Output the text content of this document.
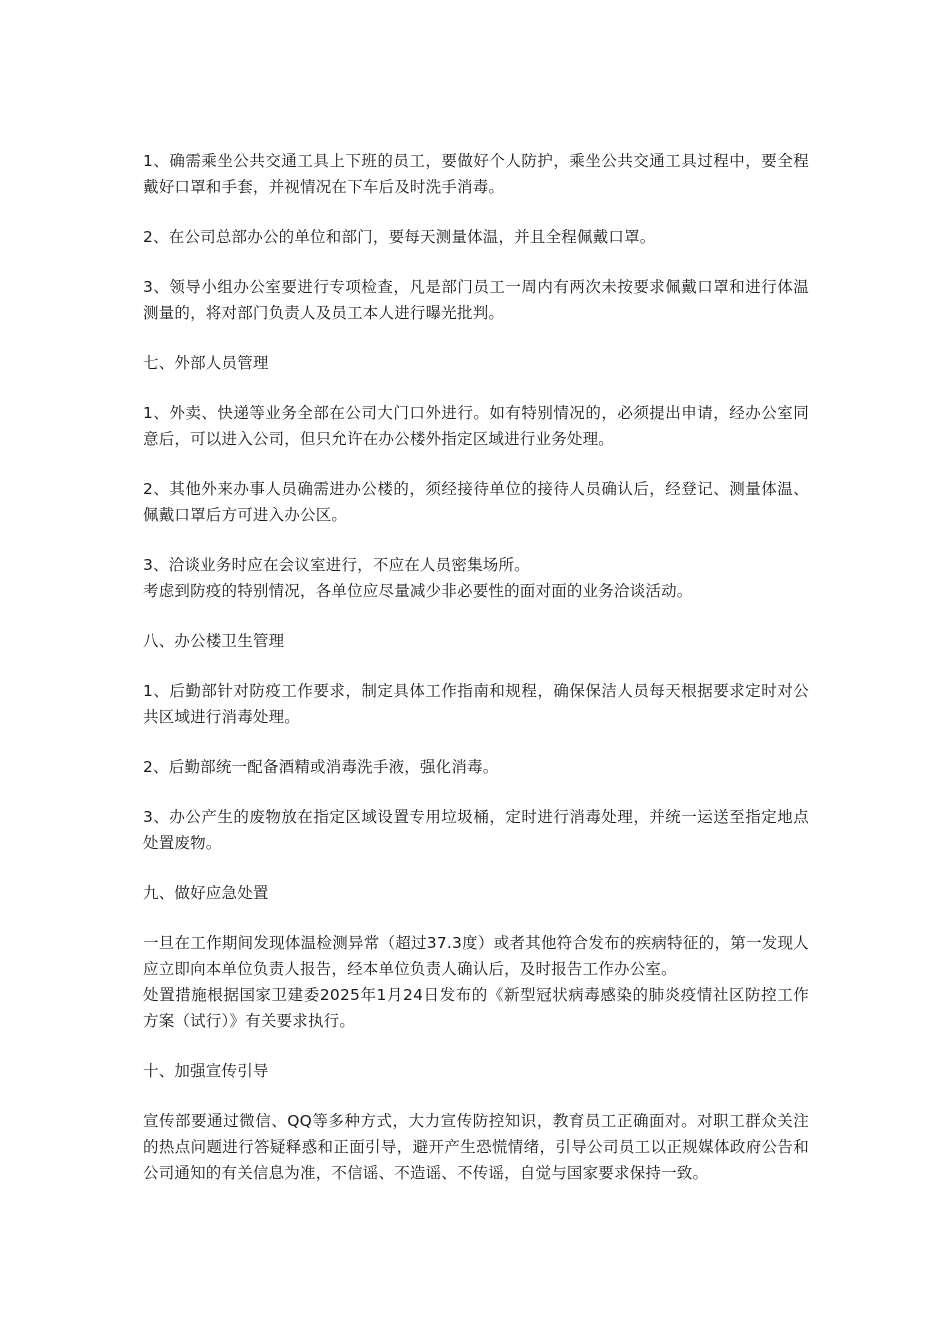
1、确需乘坐公共交通工具上下班的员工，要做好个人防护，乘坐公共交通工具过程中，要全程戴好口罩和手套，并视情况在下车后及时洗手消毒。

2、在公司总部办公的单位和部门，要每天测量体温，并且全程佩戴口罩。

3、领导小组办公室要进行专项检查，凡是部门员工一周内有两次未按要求佩戴口罩和进行体温测量的，将对部门负责人及员工本人进行曝光批判。

七、外部人员管理

1、外卖、快递等业务全部在公司大门口外进行。如有特别情况的，必须提出申请，经办公室同意后，可以进入公司，但只允许在办公楼外指定区域进行业务处理。

2、其他外来办事人员确需进办公楼的，须经接待单位的接待人员确认后，经登记、测量体温、佩戴口罩后方可进入办公区。

3、洽谈业务时应在会议室进行，不应在人员密集场所。

考虑到防疫的特别情况，各单位应尽量减少非必要性的面对面的业务洽谈活动。

八、办公楼卫生管理

1、后勤部针对防疫工作要求，制定具体工作指南和规程，确保保洁人员每天根据要求定时对公共区域进行消毒处理。

2、后勤部统一配备酒精或消毒洗手液，强化消毒。

3、办公产生的废物放在指定区域设置专用垃圾桶，定时进行消毒处理，并统一运送至指定地点处置废物。

九、做好应急处置

一旦在工作期间发现体温检测异常（超过37.3度）或者其他符合发布的疾病特征的，第一发现人应立即向本单位负责人报告，经本单位负责人确认后，及时报告工作办公室。

处置措施根据国家卫建委2025年1月24日发布的《新型冠状病毒感染的肺炎疫情社区防控工作方案（试行）》有关要求执行。

十、加强宣传引导

宣传部要通过微信、QQ等多种方式，大力宣传防控知识，教育员工正确面对。对职工群众关注的热点问题进行答疑释惑和正面引导，避开产生恐慌情绪，引导公司员工以正规媒体政府公告和公司通知的有关信息为准，不信谣、不造谣、不传谣，自觉与国家要求保持一致。
